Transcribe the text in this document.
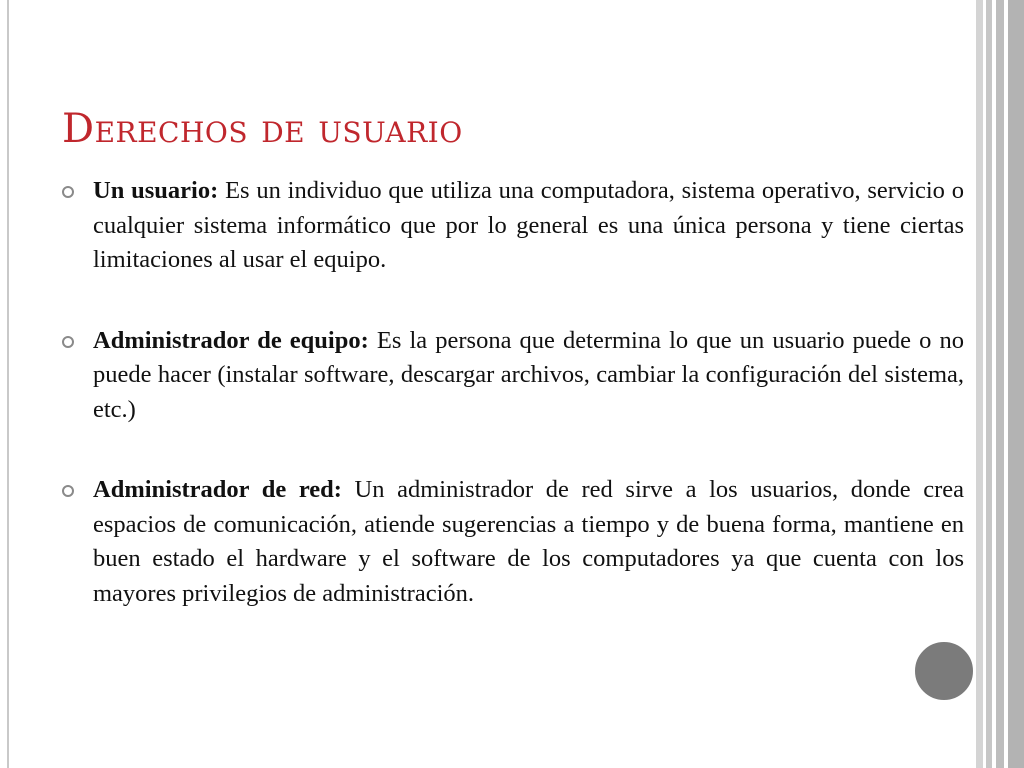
Derechos de usuario
Un usuario: Es un individuo que utiliza una computadora, sistema operativo, servicio o cualquier sistema informático que por lo general es una única persona y tiene ciertas limitaciones al usar el equipo.
Administrador de equipo: Es la persona que determina lo que un usuario puede o no puede hacer (instalar software, descargar archivos, cambiar la configuración del sistema, etc.)
Administrador de red: Un administrador de red sirve a los usuarios, donde crea espacios de comunicación, atiende sugerencias a tiempo y de buena forma, mantiene en buen estado el hardware y el software de los computadores ya que cuenta con los mayores privilegios de administración.
